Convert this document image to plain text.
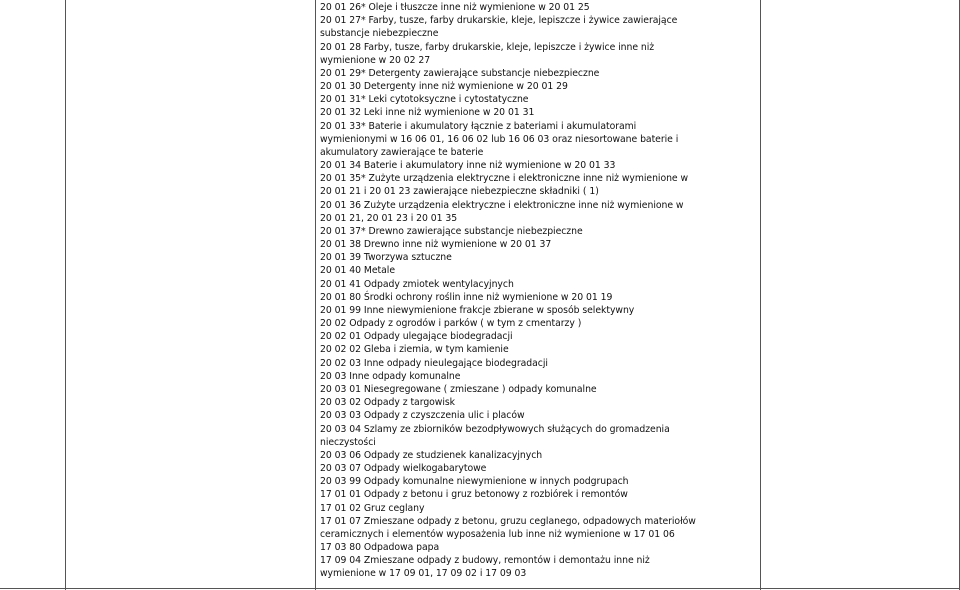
20 01 26* Oleje i tłuszcze inne niż wymienione w 20 01 25
20 01 27* Farby, tusze, farby drukarskie, kleje, lepiszcze i żywice zawierające
substancje niebezpieczne
20 01 28 Farby, tusze, farby drukarskie, kleje, lepiszcze i żywice inne niż
wymienione w 20 02 27
20 01 29* Detergenty zawierające substancje niebezpieczne
20 01 30 Detergenty inne niż wymienione w 20 01 29
20 01 31* Leki cytotoksyczne i cytostatyczne
20 01 32 Leki inne niż wymienione w 20 01 31
20 01 33* Baterie i akumulatory łącznie z bateriami i akumulatorami
wymienionymi w 16 06 01, 16 06 02 lub 16 06 03 oraz niesortowane baterie i
akumulatory zawierające te baterie
20 01 34 Baterie i akumulatory inne niż wymienione w 20 01 33
20 01 35* Zużyte urządzenia elektryczne i elektroniczne inne niż wymienione w
20 01 21 i 20 01 23 zawierające niebezpieczne składniki ( 1)
20 01 36 Zużyte urządzenia elektryczne i elektroniczne inne niż wymienione w
20 01 21, 20 01 23 i 20 01 35
20 01 37* Drewno zawierające substancje niebezpieczne
20 01 38 Drewno inne niż wymienione w 20 01 37
20 01 39 Tworzywa sztuczne
20 01 40 Metale
20 01 41 Odpady zmiotek wentylacyjnych
20 01 80 Środki ochrony roślin inne niż wymienione w 20 01 19
20 01 99 Inne niewymienione frakcje zbierane w sposób selektywny
20 02 Odpady z ogrodów i parków ( w tym z cmentarzy )
20 02 01 Odpady ulegające biodegradacji
20 02 02 Gleba i ziemia, w tym kamienie
20 02 03 Inne odpady nieulegające biodegradacji
20 03 Inne odpady komunalne
20 03 01 Niesegregowane ( zmieszane ) odpady komunalne
20 03 02 Odpady z targowisk
20 03 03 Odpady z czyszczenia ulic i placów
20 03 04 Szlamy ze zbiorników bezodpływowych służących do gromadzenia
nieczystości
20 03 06 Odpady ze studzienek kanalizacyjnych
20 03 07 Odpady wielkogabarytowe
20 03 99 Odpady komunalne niewymienione w innych podgrupach
17 01 01 Odpady z betonu i gruz betonowy z rozbiórek i remontów
17 01 02 Gruz ceglany
17 01 07 Zmieszane odpady z betonu, gruzu ceglanego, odpadowych materiołów
ceramicznych i elementów wyposażenia lub inne niż wymienione w 17 01 06
17 03 80 Odpadowa papa
17 09 04 Zmieszane odpady z budowy, remontów i demontażu inne niż
wymienione w 17 09 01, 17 09 02 i 17 09 03
